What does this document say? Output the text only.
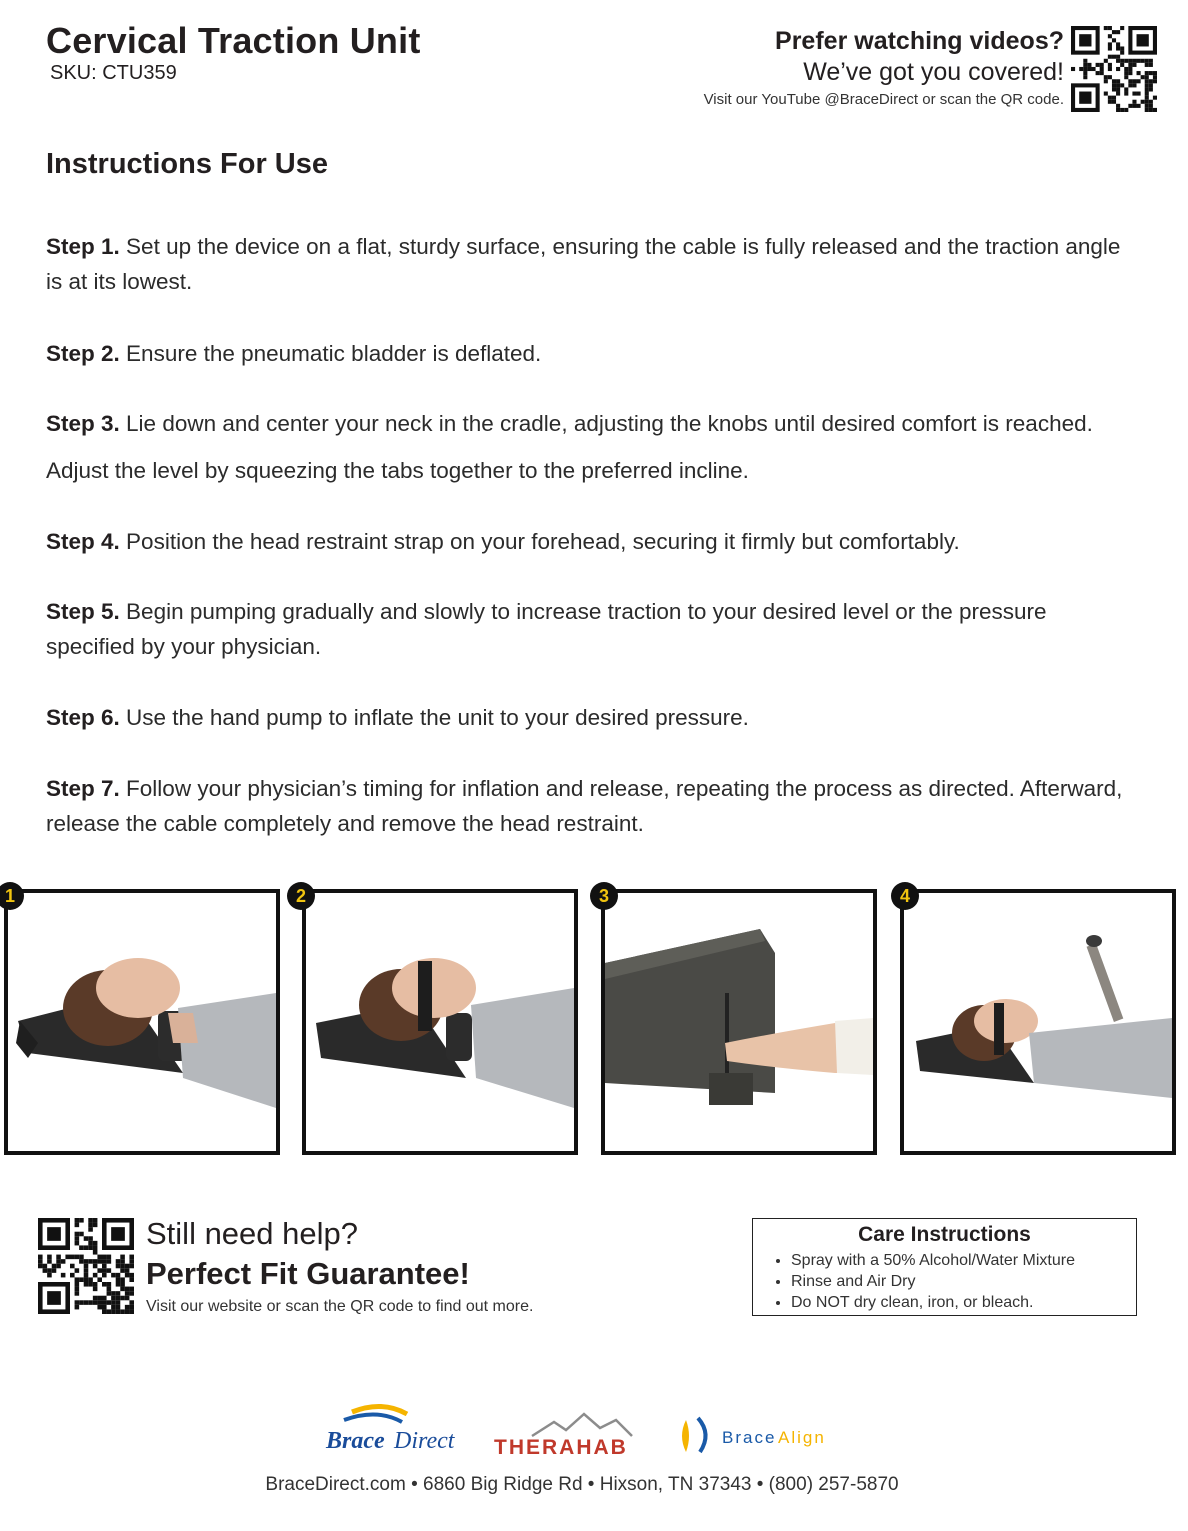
Cervical Traction Unit
SKU: CTU359
Prefer watching videos?
We’ve got you covered!
Visit our YouTube @BraceDirect or scan the QR code.
Instructions For Use
Step 1. Set up the device on a flat, sturdy surface, ensuring the cable is fully released and the traction angle is at its lowest.
Step 2. Ensure the pneumatic bladder is deflated.
Step 3. Lie down and center your neck in the cradle, adjusting the knobs until desired comfort is reached. Adjust the level by squeezing the tabs together to the preferred incline.
Step 4. Position the head restraint strap on your forehead, securing it firmly but comfortably.
Step 5. Begin pumping gradually and slowly to increase traction to your desired level or the pressure specified by your physician.
Step 6. Use the hand pump to inflate the unit to your desired pressure.
Step 7. Follow your physician’s timing for inflation and release, repeating the process as directed. Afterward, release the cable completely and remove the head restraint.
1	2	3	4
Still need help?
Perfect Fit Guarantee!
Visit our website or scan the QR code to find out more.
Care Instructions
• Spray with a 50% Alcohol/Water Mixture
• Rinse and Air Dry
• Do NOT dry clean, iron, or bleach.
Brace Direct THERAHAB	Brace Align
BraceDirect.com • 6860 Big Ridge Rd • Hixson, TN 37343 • (800) 257-5870
